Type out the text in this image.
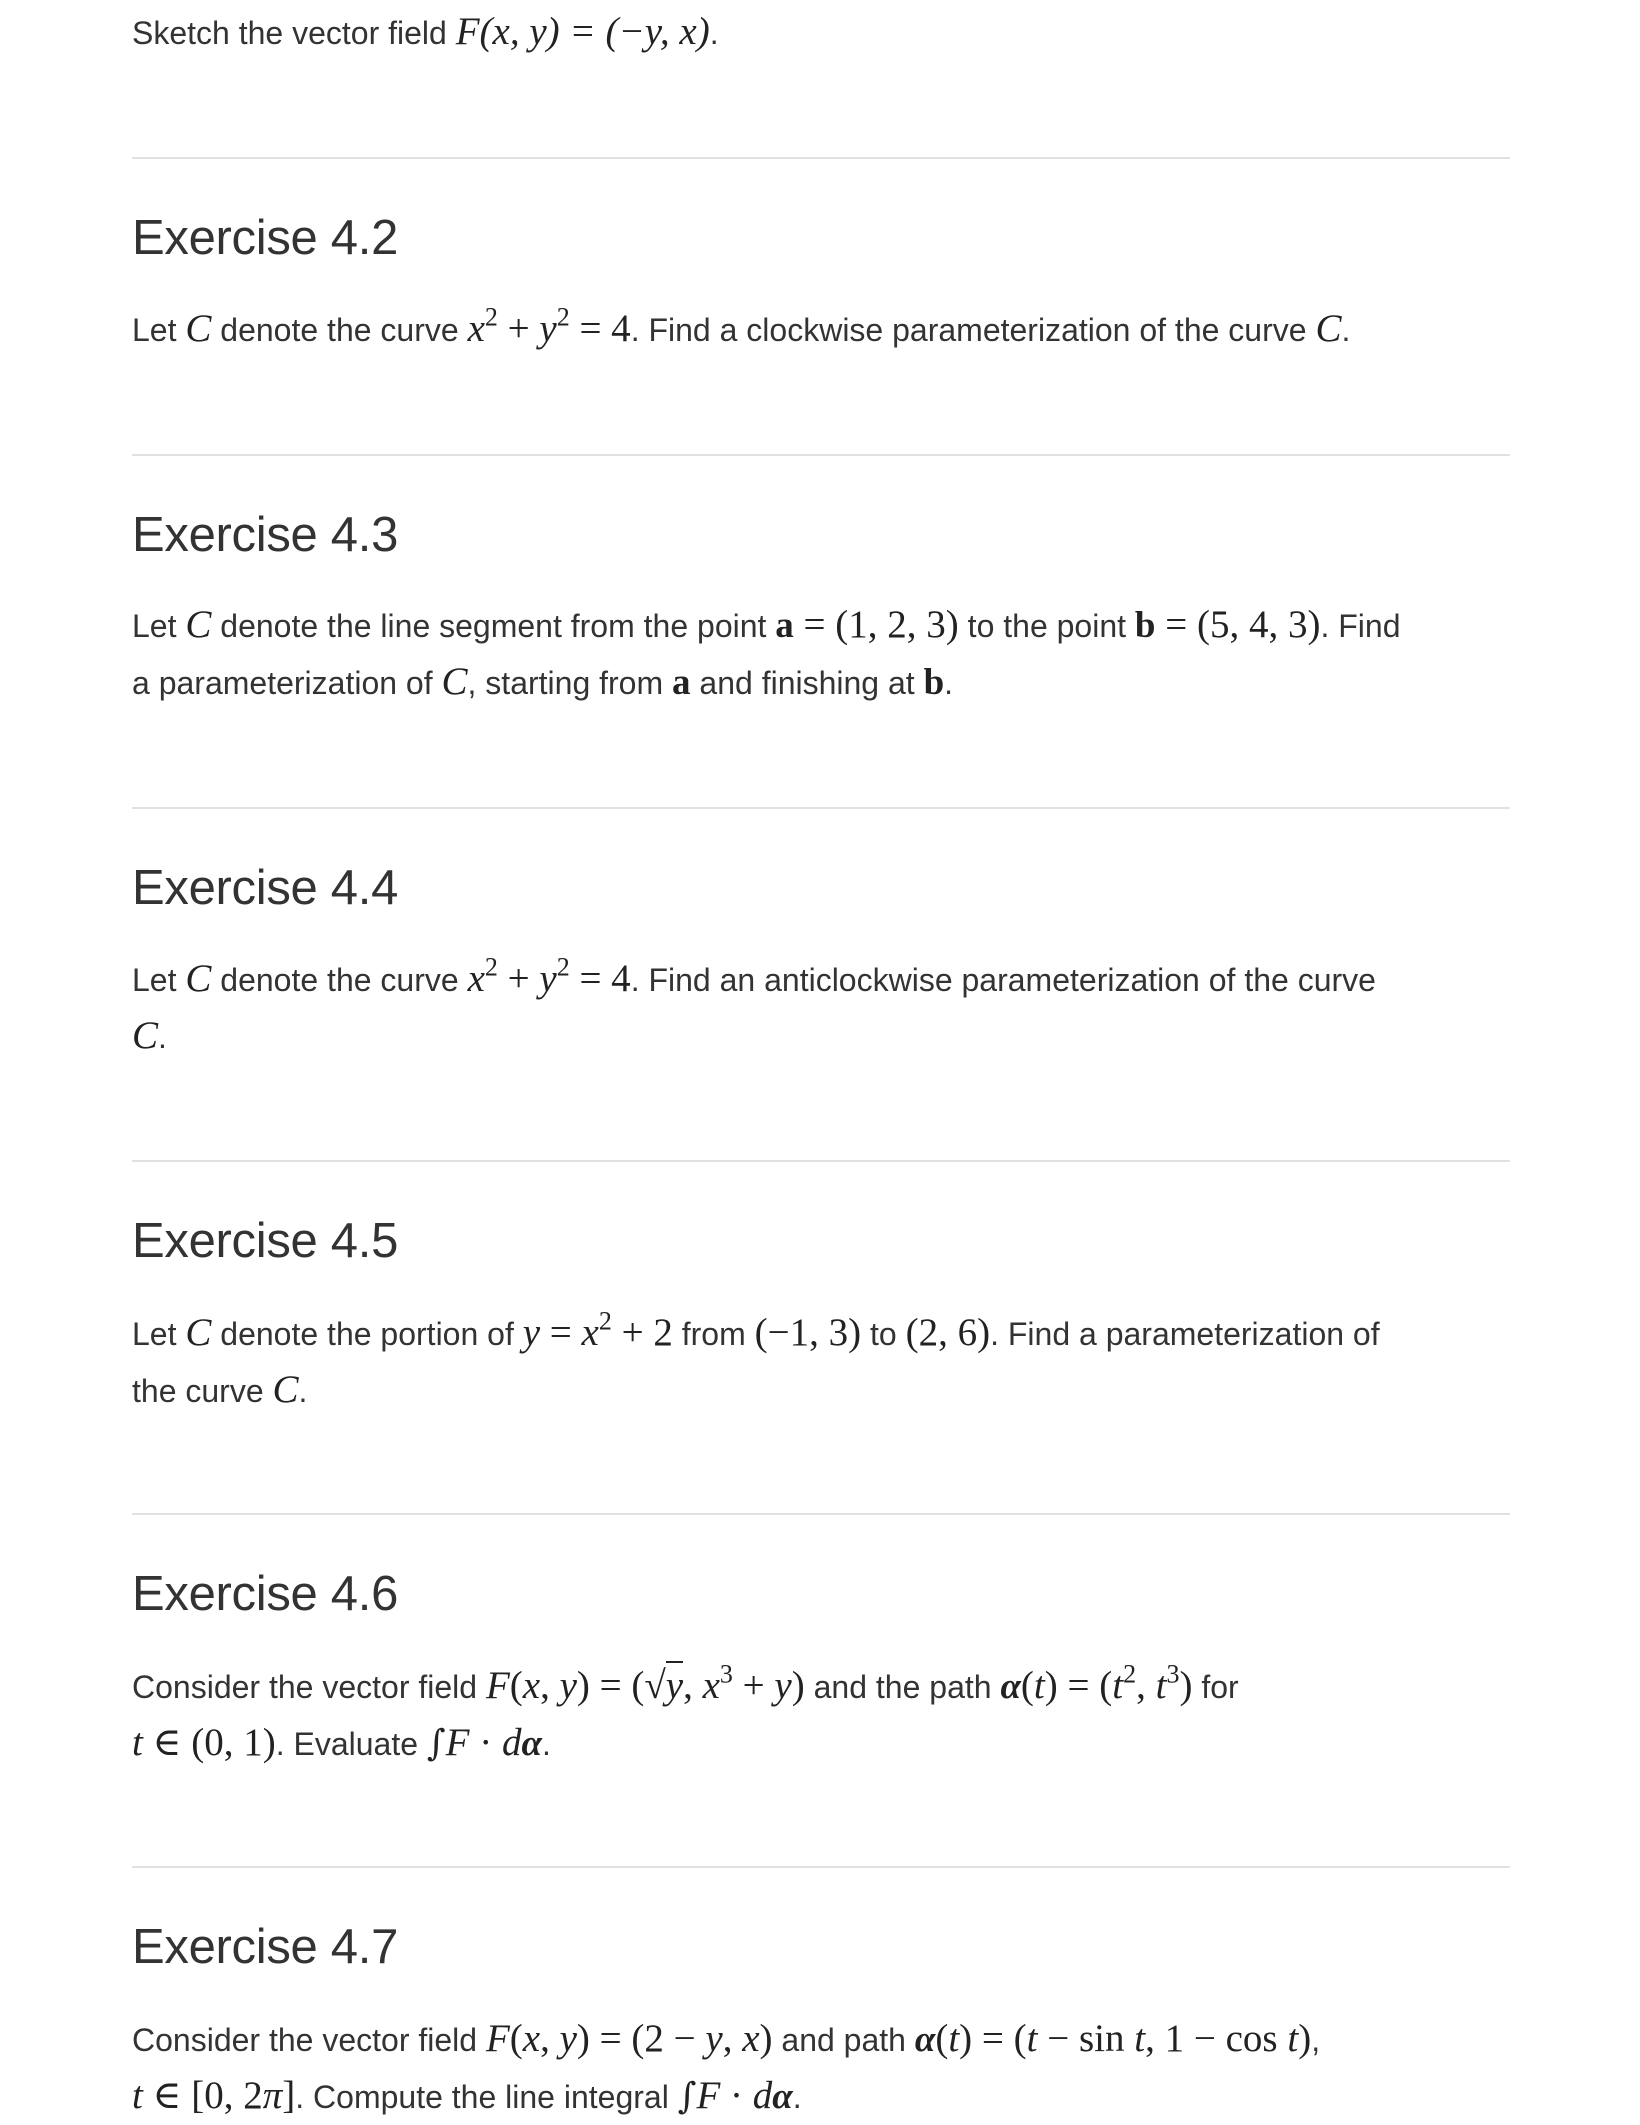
Sketch the vector field F(x, y) = (−y, x).
Exercise 4.2

Let C denote the curve $x^2 + y^2 = 4$. Find a clockwise parameterization of the curve C.

Exercise 4.3

Let C denote the line segment from the point a = (1, 2, 3) to the point b = (5, 4, 3). Find
a parameterization of C, starting from a and finishing at b.

Exercise 4.4

Let C denote the curve $x^2 + y^2 = 4$. Find an anticlockwise parameterization of the curve
C.

Exercise 4.5

Let C denote the portion of $y = x^2 + 2$ from (−1, 3) to (2, 6). Find a parameterization of
the curve C.

Exercise 4.6

Consider the vector field F(x, y) = (√y, $x^3 + y$) and the path $\alpha(t) = (t^2$, $t^3$) for
t ∈ (0, 1). Evaluate ∫F · dα.

Exercise 4.7

Consider the vector field F(x, y) = (2 − y, x) and path α(t) = (t − sin t, 1 − cos t),
t ∈ [0, 2π]. Compute the line integral ∫F · dα.
